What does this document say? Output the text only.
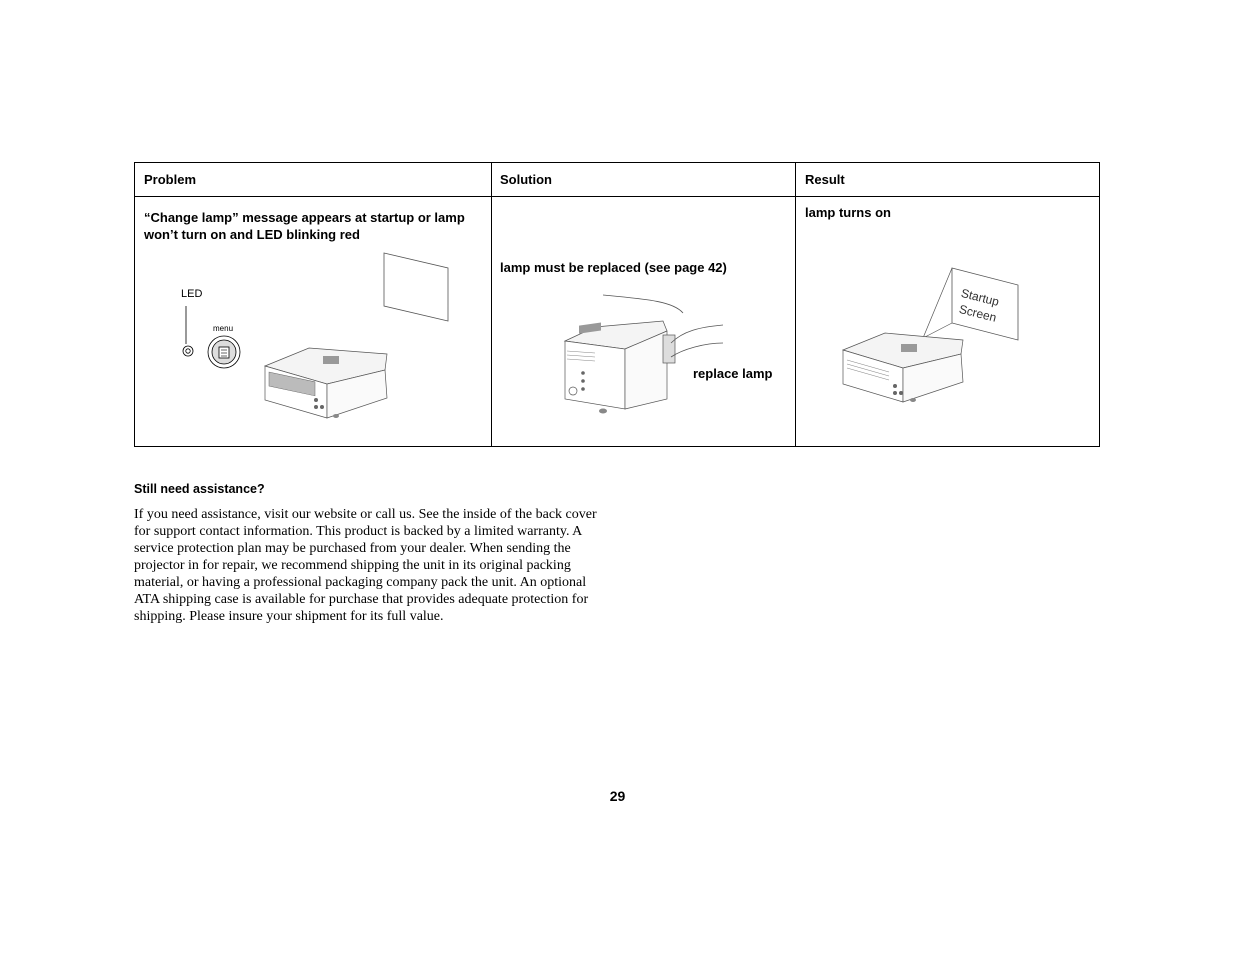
Problem	Solution	Result
“Change lamp” message appears at startup or lamp won’t turn on and LED blinking red
LED
menu
lamp must be replaced (see page 42)
replace lamp
lamp turns on
Startup
Screen
Still need assistance?
If you need assistance, visit our website or call us. See the inside of the back cover for support contact information. This product is backed by a limited warranty. A service protection plan may be purchased from your dealer. When sending the projector in for repair, we recommend shipping the unit in its original packing material, or having a professional packaging company pack the unit. An optional ATA shipping case is available for purchase that provides adequate protection for shipping. Please insure your shipment for its full value.
29
